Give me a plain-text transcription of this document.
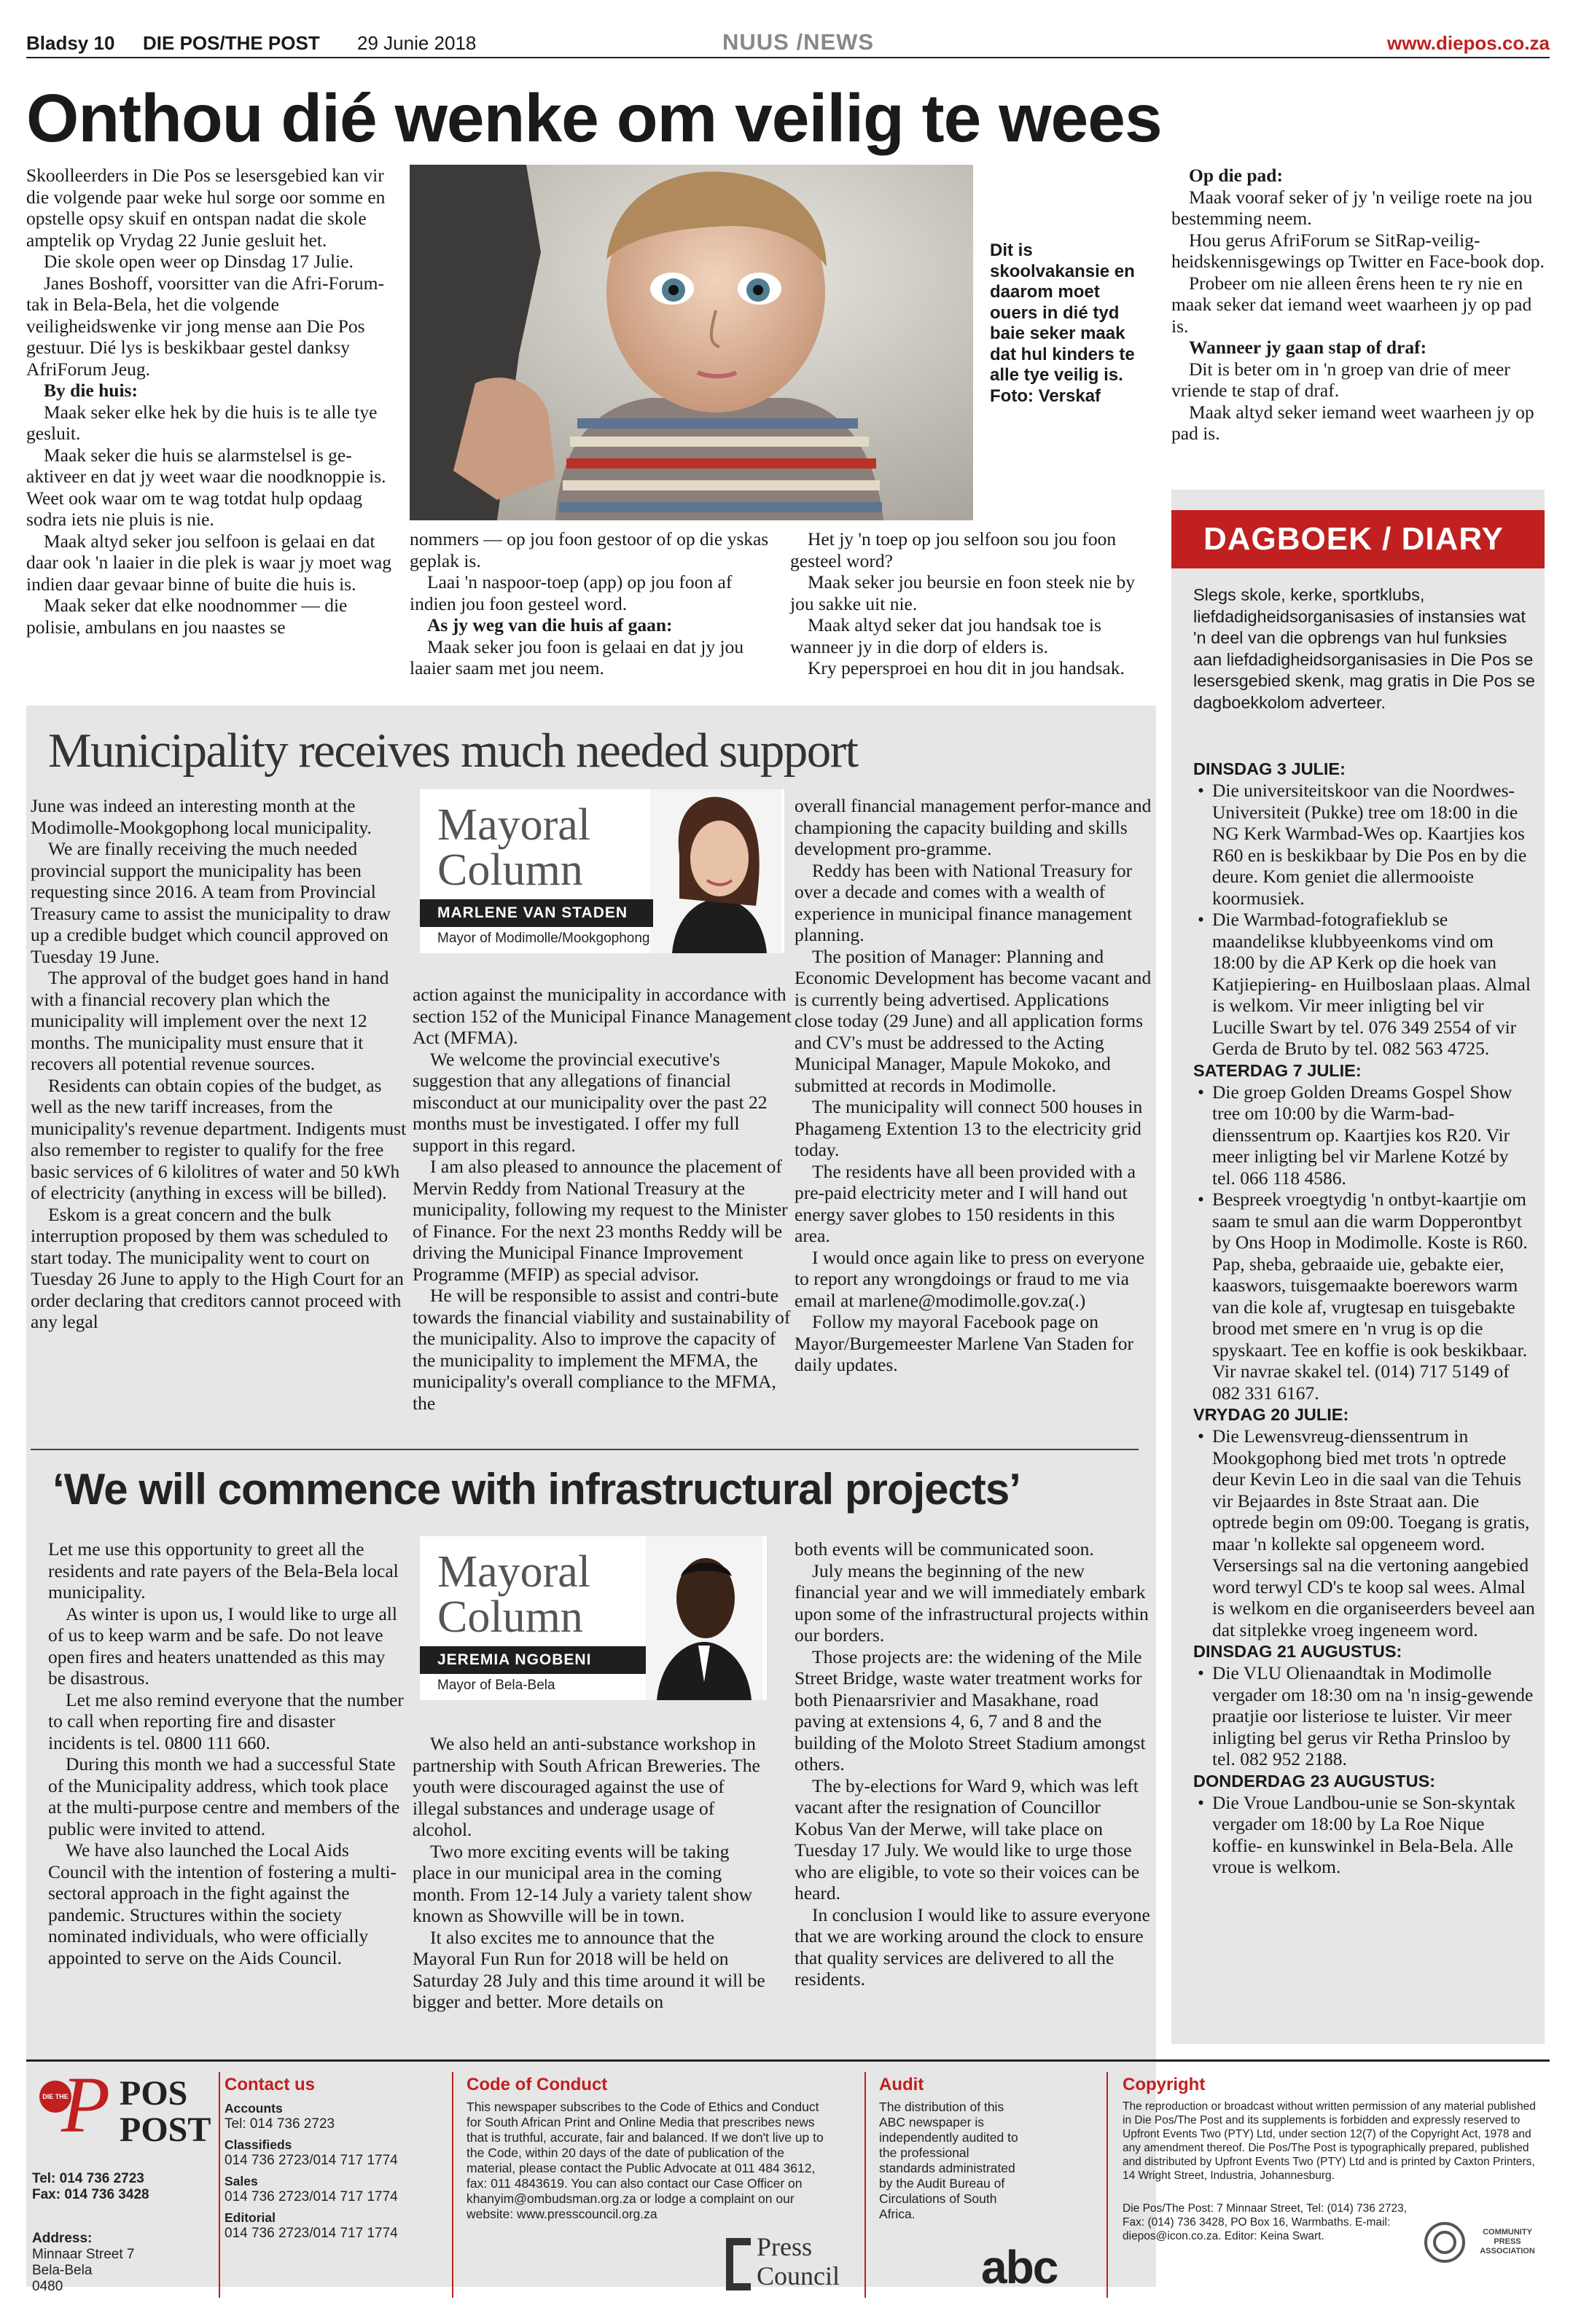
Bladsy 10 DIE POS/THE POST 29 Junie 2018	NUUS /NEWS	www.diepos.co.za
Onthou dié wenke om veilig te wees
Skoolleerders in Die Pos se lesersgebied kan vir die volgende paar weke hul sorge oor somme en opstelle opsy skuif en ontspan nadat die skole amptelik op Vrydag 22 Junie gesluit het.
Die skole open weer op Dinsdag 17 Julie.
Janes Boshoff, voorsitter van die Afri-Forum-tak in Bela-Bela, het die volgende veiligheidswenke vir jong mense aan Die Pos gestuur. Dié lys is beskikbaar gestel danksy AfriForum Jeug.
By die huis:
Maak seker elke hek by die huis is te alle tye gesluit.
Maak seker die huis se alarmstelsel is ge-aktiveer en dat jy weet waar die noodknoppie is. Weet ook waar om te wag totdat hulp opdaag sodra iets nie pluis is nie.
Maak altyd seker jou selfoon is gelaai en dat daar ook 'n laaier in die plek is waar jy moet wag indien daar gevaar binne of buite die huis is.
Maak seker dat elke noodnommer — die polisie, ambulans en jou naastes se
Dit is skoolvakansie en daarom moet ouers in dié tyd baie seker maak dat hul kinders te alle tye veilig is. Foto: Verskaf
nommers — op jou foon gestoor of op die yskas geplak is.
Laai 'n naspoor-toep (app) op jou foon af indien jou foon gesteel word.
As jy weg van die huis af gaan:
Maak seker jou foon is gelaai en dat jy jou laaier saam met jou neem.
Het jy 'n toep op jou selfoon sou jou foon gesteel word?
Maak seker jou beursie en foon steek nie by jou sakke uit nie.
Maak altyd seker dat jou handsak toe is wanneer jy in die dorp of elders is.
Kry pepersproei en hou dit in jou handsak.
Op die pad:
Maak vooraf seker of jy 'n veilige roete na jou bestemming neem.
Hou gerus AfriForum se SitRap-veilig-heidskennisgewings op Twitter en Face-book dop.
Probeer om nie alleen êrens heen te ry nie en maak seker dat iemand weet waarheen jy op pad is.
Wanneer jy gaan stap of draf:
Dit is beter om in 'n groep van drie of meer vriende te stap of draf.
Maak altyd seker iemand weet waarheen jy op pad is.
DAGBOEK / DIARY
Slegs skole, kerke, sportklubs, liefdadigheidsorganisasies of instansies wat 'n deel van die opbrengs van hul funksies aan liefdadigheidsorganisasies in Die Pos se lesersgebied skenk, mag gratis in Die Pos se dagboekkolom adverteer.
DINSDAG 3 JULIE:
• Die universiteitskoor van die Noordwes-Universiteit (Pukke) tree om 18:00 in die NG Kerk Warmbad-Wes op. Kaartjies kos R60 en is beskikbaar by Die Pos en by die deure. Kom geniet die allermooiste koormusiek.
• Die Warmbad-fotografieklub se maandelikse klubbyeenkoms vind om 18:00 by die AP Kerk op die hoek van Katjiepiering- en Huilboslaan plaas. Almal is welkom. Vir meer inligting bel vir Lucille Swart by tel. 076 349 2554 of vir Gerda de Bruto by tel. 082 563 4725.
SATERDAG 7 JULIE:
• Die groep Golden Dreams Gospel Show tree om 10:00 by die Warm-bad-dienssentrum op. Kaartjies kos R20. Vir meer inligting bel vir Marlene Kotzé by tel. 066 118 4586.
• Bespreek vroegtydig 'n ontbyt-kaartjie om saam te smul aan die warm Dopperontbyt by Ons Hoop in Modimolle. Koste is R60. Pap, sheba, gebraaide uie, gebakte eier, kaaswors, tuisgemaakte boerewors warm van die kole af, vrugtesap en tuisgebakte brood met smere en 'n vrug is op die spyskaart. Tee en koffie is ook beskikbaar. Vir navrae skakel tel. (014) 717 5149 of 082 331 6167.
VRYDAG 20 JULIE:
• Die Lewensvreug-dienssentrum in Mookgophong bied met trots 'n optrede deur Kevin Leo in die saal van die Tehuis vir Bejaardes in 8ste Straat aan. Die optrede begin om 09:00. Toegang is gratis, maar 'n kollekte sal opgeneem word. Versersings sal na die vertoning aangebied word terwyl CD's te koop sal wees. Almal is welkom en die organiseerders beveel aan dat sitplekke vroeg ingeneem word.
DINSDAG 21 AUGUSTUS:
• Die VLU Olienaandtak in Modimolle vergader om 18:30 om na 'n insig-gewende praatjie oor listeriose te luister. Vir meer inligting bel gerus vir Retha Prinsloo by tel. 082 952 2188.
DONDERDAG 23 AUGUSTUS:
• Die Vroue Landbou-unie se Son-skyntak vergader om 18:00 by La Roe Nique koffie- en kunswinkel in Bela-Bela. Alle vroue is welkom.
Municipality receives much needed support
June was indeed an interesting month at the Modimolle-Mookgophong local municipality.
We are finally receiving the much needed provincial support the municipality has been requesting since 2016. A team from Provincial Treasury came to assist the municipality to draw up a credible budget which council approved on Tuesday 19 June.
The approval of the budget goes hand in hand with a financial recovery plan which the municipality will implement over the next 12 months. The municipality must ensure that it recovers all potential revenue sources.
Residents can obtain copies of the budget, as well as the new tariff increases, from the municipality's revenue department. Indigents must also remember to register to qualify for the free basic services of 6 kilolitres of water and 50 kWh of electricity (anything in excess will be billed).
Eskom is a great concern and the bulk interruption proposed by them was scheduled to start today. The municipality went to court on Tuesday 26 June to apply to the High Court for an order declaring that creditors cannot proceed with any legal
Mayoral
Column
MARLENE VAN STADEN
Mayor of Modimolle/Mookgophong
action against the municipality in accordance with section 152 of the Municipal Finance Management Act (MFMA).
We welcome the provincial executive's suggestion that any allegations of financial misconduct at our municipality over the past 22 months must be investigated. I offer my full support in this regard.
I am also pleased to announce the placement of Mervin Reddy from National Treasury at the municipality, following my request to the Minister of Finance. For the next 23 months Reddy will be driving the Municipal Finance Improvement Programme (MFIP) as special advisor.
He will be responsible to assist and contri-bute towards the financial viability and sustainability of the municipality. Also to improve the capacity of the municipality to implement the MFMA, the municipality's overall compliance to the MFMA, the
overall financial management perfor-mance and championing the capacity building and skills development pro-gramme.
Reddy has been with National Treasury for over a decade and comes with a wealth of experience in municipal finance management planning.
The position of Manager: Planning and Economic Development has become vacant and is currently being advertised. Applications close today (29 June) and all application forms and CV's must be addressed to the Acting Municipal Manager, Mapule Mokoko, and submitted at records in Modimolle.
The municipality will connect 500 houses in Phagameng Extention 13 to the electricity grid today.
The residents have all been provided with a pre-paid electricity meter and I will hand out energy saver globes to 150 residents in this area.
I would once again like to press on everyone to report any wrongdoings or fraud to me via email at marlene@modimolle.gov.za(.)
Follow my mayoral Facebook page on Mayor/Burgemeester Marlene Van Staden for daily updates.
‘We will commence with infrastructural projects’
Let me use this opportunity to greet all the residents and rate payers of the Bela-Bela local municipality.
As winter is upon us, I would like to urge all of us to keep warm and be safe. Do not leave open fires and heaters unattended as this may be disastrous.
Let me also remind everyone that the number to call when reporting fire and disaster incidents is tel. 0800 111 660.
During this month we had a successful State of the Municipality address, which took place at the multi-purpose centre and members of the public were invited to attend.
We have also launched the Local Aids Council with the intention of fostering a multi-sectoral approach in the fight against the pandemic. Structures within the society nominated individuals, who were officially appointed to serve on the Aids Council.
Mayoral
Column
JEREMIA NGOBENI
Mayor of Bela-Bela
We also held an anti-substance workshop in partnership with South African Breweries. The youth were discouraged against the use of illegal substances and underage usage of alcohol.
Two more exciting events will be taking place in our municipal area in the coming month. From 12-14 July a variety talent show known as Showville will be in town.
It also excites me to announce that the Mayoral Fun Run for 2018 will be held on Saturday 28 July and this time around it will be bigger and better. More details on
both events will be communicated soon.
July means the beginning of the new financial year and we will immediately embark upon some of the infrastructural projects within our borders.
Those projects are: the widening of the Mile Street Bridge, waste water treatment works for both Pienaarsrivier and Masakhane, road paving at extensions 4, 6, 7 and 8 and the building of the Moloto Street Stadium amongst others.
The by-elections for Ward 9, which was left vacant after the resignation of Councillor Kobus Van der Merwe, will take place on Tuesday 17 July. We would like to urge those who are eligible, to vote so their voices can be heard.
In conclusion I would like to assure everyone that we are working around the clock to ensure that quality services are delivered to all the residents.
DIE THE
P POS
POST
Tel: 014 736 2723
Fax: 014 736 3428
Address:
Minnaar Street 7
Bela-Bela
0480
Contact us
Accounts
Tel: 014 736 2723
Classifieds
014 736 2723/014 717 1774
Sales
014 736 2723/014 717 1774
Editorial
014 736 2723/014 717 1774
Code of Conduct
This newspaper subscribes to the Code of Ethics and Conduct for South African Print and Online Media that prescribes news that is truthful, accurate, fair and balanced. If we don't live up to the Code, within 20 days of the date of publication of the material, please contact the Public Advocate at 011 484 3612, fax: 011 4843619. You can also contact our Case Officer on khanyim@ombudsman.org.za or lodge a complaint on our website: www.presscouncil.org.za
Press
Council
Audit
The distribution of this ABC newspaper is independently audited to the professional standards administrated by the Audit Bureau of Circulations of South Africa.
abc
Copyright
The reproduction or broadcast without written permission of any material published in Die Pos/The Post and its supplements is forbidden and expressly reserved to Upfront Events Two (PTY) Ltd, under section 12(7) of the Copyright Act, 1978 and any amendment thereof. Die Pos/The Post is typographically prepared, published and distributed by Upfront Events Two (PTY) Ltd and is printed by Caxton Printers, 14 Wright Street, Industria, Johannesburg.
Die Pos/The Post: 7 Minnaar Street, Tel: (014) 736 2723, Fax: (014) 736 3428, PO Box 16, Warmbaths. E-mail: diepos@icon.co.za. Editor: Keina Swart.	COMMUNITY PRESS ASSOCIATION
